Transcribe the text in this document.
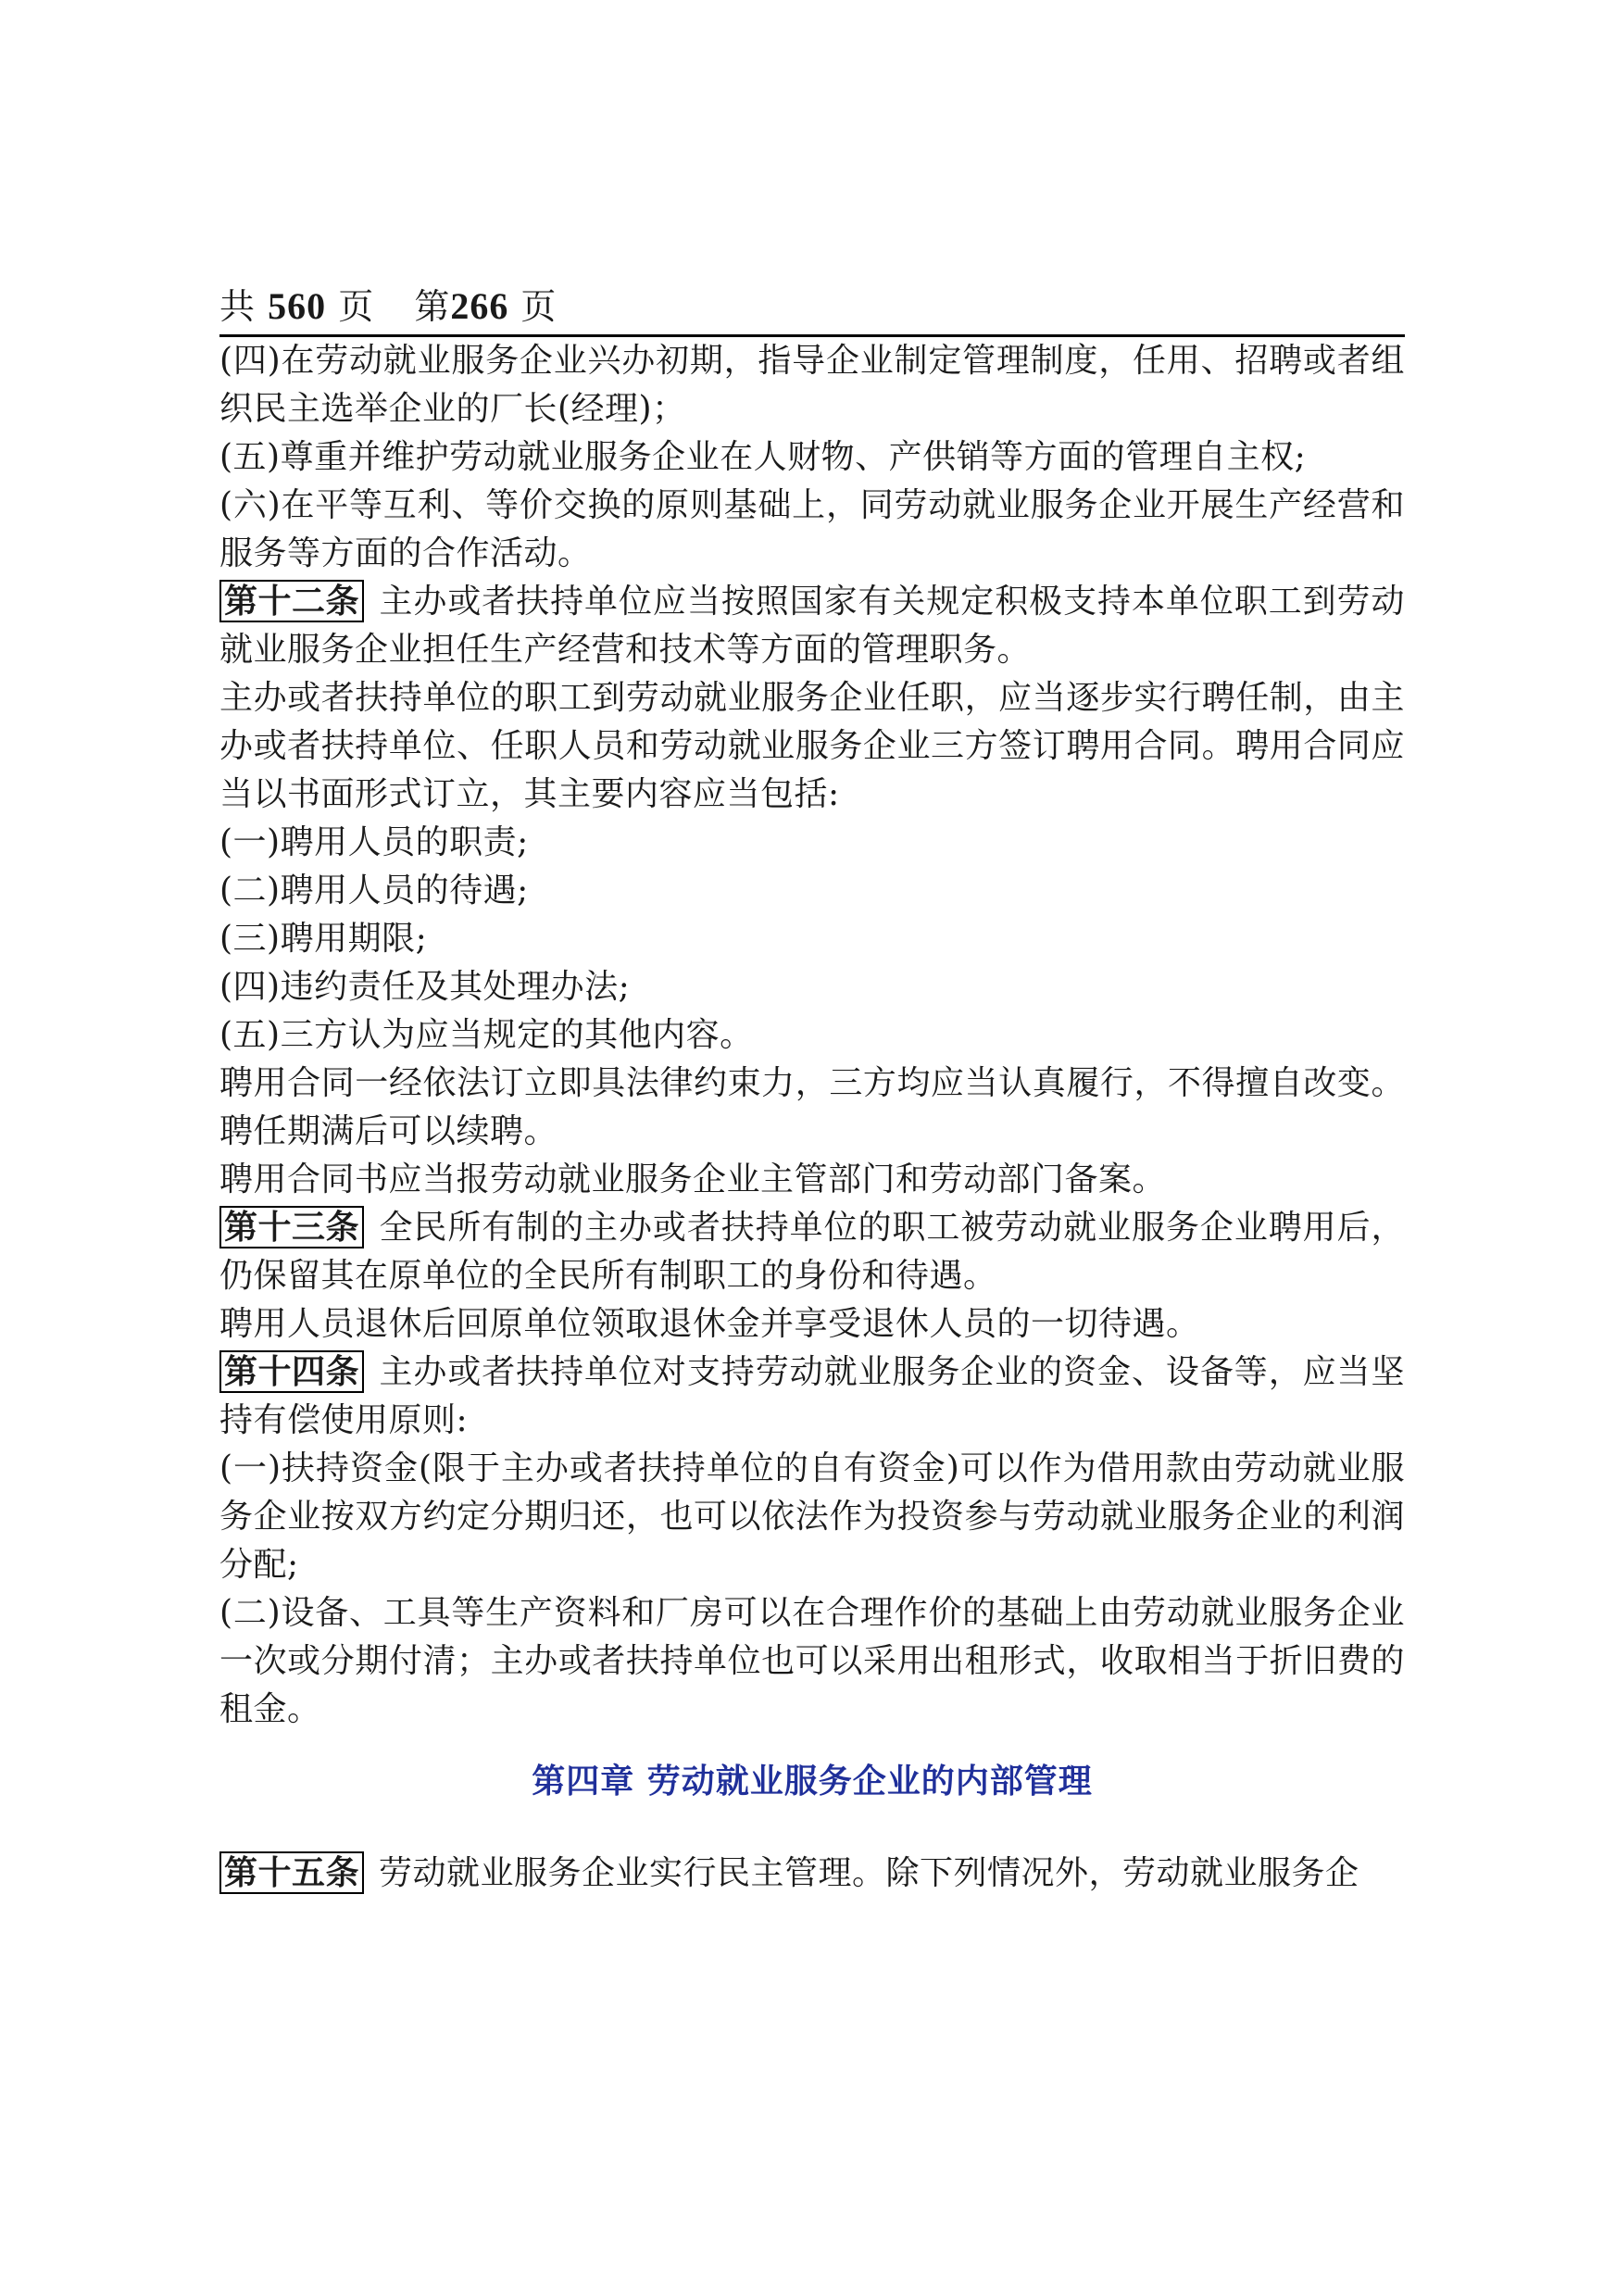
共 560 页 第266 页

(四)在劳动就业服务企业兴办初期，指导企业制定管理制度，任用、招聘或者组织民主选举企业的厂长(经理)；

(五)尊重并维护劳动就业服务企业在人财物、产供销等方面的管理自主权;

(六)在平等互利、等价交换的原则基础上，同劳动就业服务企业开展生产经营和服务等方面的合作活动。

第十二条 主办或者扶持单位应当按照国家有关规定积极支持本单位职工到劳动就业服务企业担任生产经营和技术等方面的管理职务。

主办或者扶持单位的职工到劳动就业服务企业任职，应当逐步实行聘任制，由主办或者扶持单位、任职人员和劳动就业服务企业三方签订聘用合同。聘用合同应当以书面形式订立，其主要内容应当包括:

(一)聘用人员的职责;

(二)聘用人员的待遇;

(三)聘用期限;

(四)违约责任及其处理办法;

(五)三方认为应当规定的其他内容。

聘用合同一经依法订立即具法律约束力，三方均应当认真履行，不得擅自改变。聘任期满后可以续聘。

聘用合同书应当报劳动就业服务企业主管部门和劳动部门备案。

第十三条 全民所有制的主办或者扶持单位的职工被劳动就业服务企业聘用后，仍保留其在原单位的全民所有制职工的身份和待遇。

聘用人员退休后回原单位领取退休金并享受退休人员的一切待遇。

第十四条 主办或者扶持单位对支持劳动就业服务企业的资金、设备等，应当坚持有偿使用原则:

(一)扶持资金(限于主办或者扶持单位的自有资金)可以作为借用款由劳动就业服务企业按双方约定分期归还，也可以依法作为投资参与劳动就业服务企业的利润分配;

(二)设备、工具等生产资料和厂房可以在合理作价的基础上由劳动就业服务企业一次或分期付清；主办或者扶持单位也可以采用出租形式，收取相当于折旧费的租金。

第四章 劳动就业服务企业的内部管理

第十五条 劳动就业服务企业实行民主管理。除下列情况外，劳动就业服务企
